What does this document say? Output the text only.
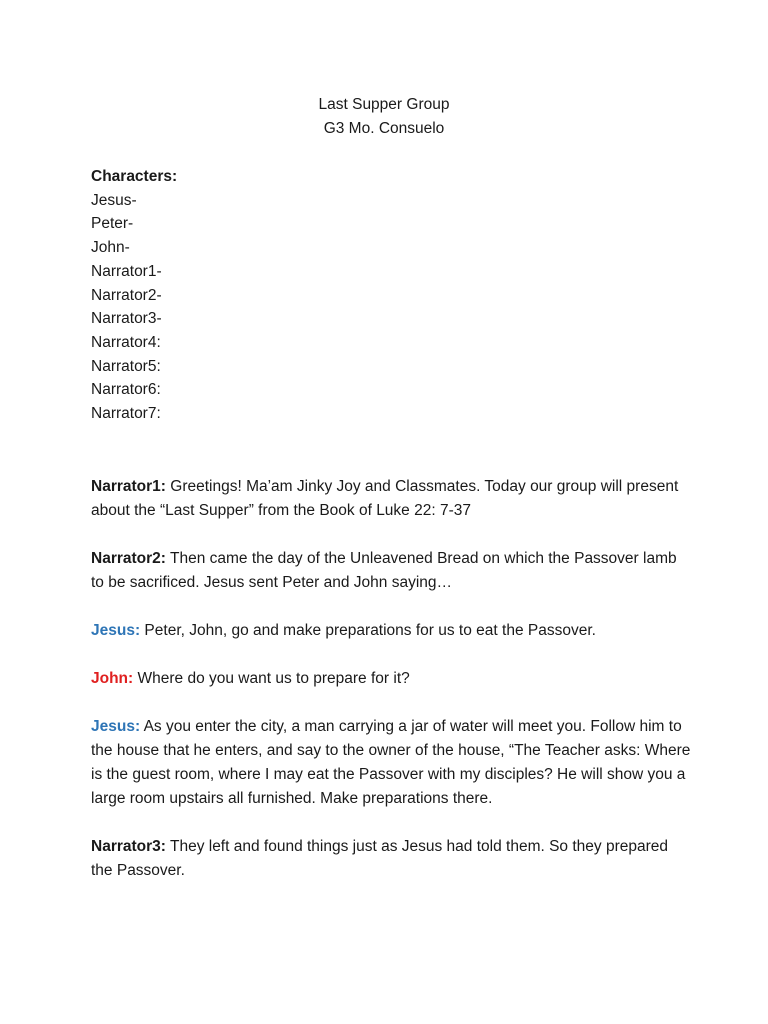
Last Supper Group
G3 Mo. Consuelo
Characters:
Jesus-
Peter-
John-
Narrator1-
Narrator2-
Narrator3-
Narrator4:
Narrator5:
Narrator6:
Narrator7:

Narrator1: Greetings! Ma’am Jinky Joy and Classmates. Today our group will present about the “Last Supper” from the Book of Luke 22: 7-37

Narrator2: Then came the day of the Unleavened Bread on which the Passover lamb to be sacrificed. Jesus sent Peter and John saying…

Jesus: Peter, John, go and make preparations for us to eat the Passover.

John: Where do you want us to prepare for it?

Jesus: As you enter the city, a man carrying a jar of water will meet you. Follow him to the house that he enters, and say to the owner of the house, “The Teacher asks: Where is the guest room, where I may eat the Passover with my disciples? He will show you a large room upstairs all furnished. Make preparations there.

Narrator3: They left and found things just as Jesus had told them. So they prepared the Passover.
